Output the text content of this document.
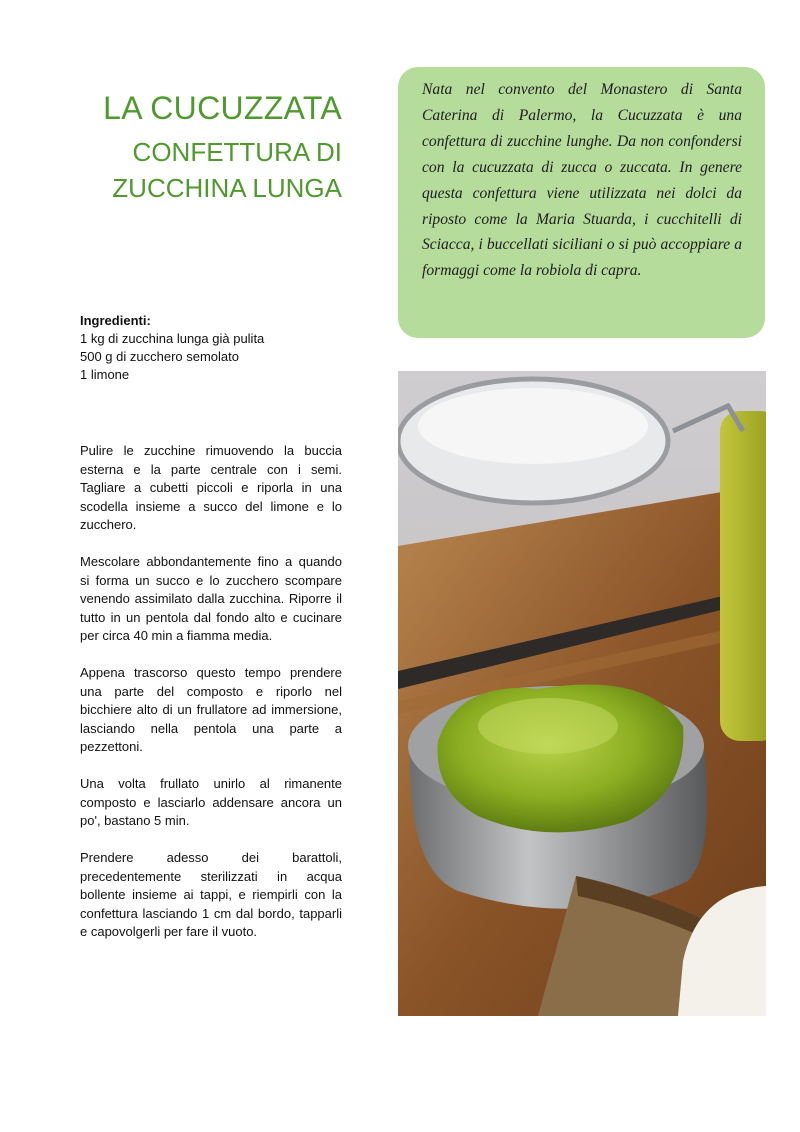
LA CUCUZZATA
CONFETTURA DI
ZUCCHINA LUNGA
Nata nel convento del Monastero di Santa Caterina di Palermo, la Cucuzzata è una confettura di zucchine lunghe. Da non confondersi con la cucuzzata di zucca o zuccata. In genere questa confettura viene utilizzata nei dolci da riposto come la Maria Stuarda, i cucchitelli di Sciacca, i buccellati siciliani o si può accoppiare a formaggi come la robiola di capra.
Ingredienti:
1 kg di zucchina lunga già pulita
500 g di zucchero semolato
1 limone

Pulire le zucchine rimuovendo la buccia esterna e la parte centrale con i semi. Tagliare a cubetti piccoli e riporla in una scodella insieme a succo del limone e lo zucchero.

Mescolare abbondantemente fino a quando si forma un succo e lo zucchero scompare venendo assimilato dalla zucchina. Riporre il tutto in un pentola dal fondo alto e cucinare per circa 40 min a fiamma media.

Appena trascorso questo tempo prendere una parte del composto e riporlo nel bicchiere alto di un frullatore ad immersione, lasciando nella pentola una parte a pezzettoni.

Una volta frullato unirlo al rimanente composto e lasciarlo addensare ancora un po', bastano 5 min.

Prendere adesso dei barattoli, precedentemente sterilizzati in acqua bollente insieme ai tappi, e riempirli con la confettura lasciando 1 cm dal bordo, tapparli e capovolgerli per fare il vuoto.
